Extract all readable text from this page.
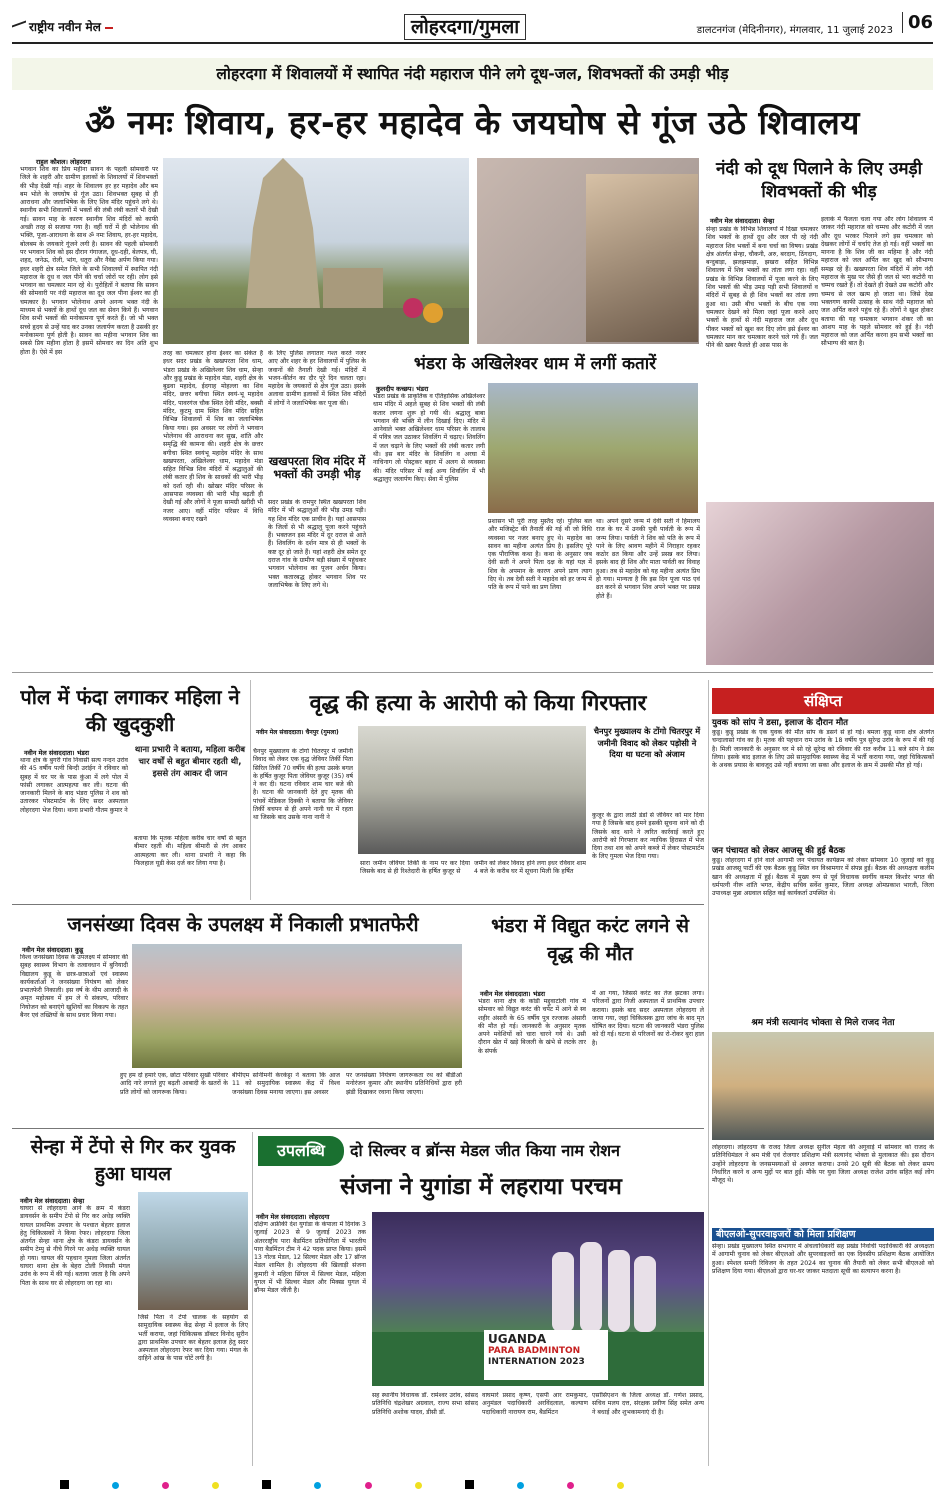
राष्ट्रीय नवीन मेल	लोहरदगा/गुमला	डालटनगंज (मेदिनीनगर), मंगलवार, 11 जुलाई 2023 06
लोहरदगा में शिवालयों में स्थापित नंदी महाराज पीने लगे दूध-जल, शिवभक्तों की उमड़ी भीड़
ॐ नमः शिवाय, हर-हर महादेव के जयघोष से गूंज उठे शिवालय
राहुल कौशल। लोहरदगा
भगवान शिव का प्रिय महीना सावन के पहली सोमवारी पर जिले के शहरी और ग्रामीण इलाकों के शिवालयों में शिवभक्तों की भीड़ देखी गई। शहर के शिवालय हर हर महादेव और बम बम भोले के जयघोष से गूंज उठा। शिवभक्त सुबह से ही आराधना और जलाभिषेक के लिए शिव मंदिर पहुंचने लगे थे। स्थानीय सभी शिवालयों में भक्तों की लंबी लंबी कतारें भी देखी गई। सावन माह के कारण स्थानीय शिव मंदिरों को काफी अच्छी तरह से सजाया गया है। वहीं घरों में ही भोलेनाथ की भक्ति, पूजा-आराधना के साथ ॐ नमः शिवाय, हर-हर महादेव, बोलबम के जयकारे गूंजने लगी है। सावन की पहली सोमवारी पर भगवान शिव को इस दौरान गंगाजल, दूध-दही, बेलपत्र, घी, शहद, जनेऊ, रोली, भांग, धतूरा और नैवेद्य अर्पण किया गया। इधर शहरी क्षेत्र समेत जिले के सभी शिवालयों में स्थापित नंदी महाराज के दूध व जल पीने की चर्चा जोरों पर रही। लोग इसे भगवान का चमत्कार मान रहे थे। पुरोहितों ने बताया कि सावन की सोमवारी पर नंदी महाराज का दूध जल पीना ईश्वर का ही चमत्कार है। भगवान भोलेनाथ अपने अनन्य भक्त नंदी के माध्यम से भक्तों के हाथों दूध जल का सेवन किये हैं। भगवान शिव सभी भक्तों की मनोकामना पूर्ण करते हैं। जो भी भक्त सच्चे हृदय से उन्हें याद कर उनका जलार्पण करता है उसकी हर मनोकामना पूर्ण होती है। सावन का महीना भगवान शिव का सबसे प्रिय महीना होता है इसमें सोमवार का दिन अति शुभ होता है। ऐसे में इस	तरह का चमत्कार होना ईश्वर का संकेत है इधर सदर प्रखंड के खखपरता शिव धाम, भंडरा प्रखंड के अखिलेश्वर शिव धाम, सेन्हा और कुडू प्रखंड के महादेव मंडा, शहरी क्षेत्र के बुढवा महादेव, ईदगाह मोहल्ला का शिव मंदिर, छत्तर बगीचा स्थित स्वयं-भू महादेव मंदिर, पावरगंज चौक स्थित देवी मंदिर, बक्सी मंदिर, कुटमु ग्राम स्थित शिव मंदिर सहित विभिन्न शिवालयों में शिव का जलाभिषेक किया गया। इस अवसर पर लोगों ने भगवान भोलेनाथ की आराधना कर सुख, शांति और समृद्धि की कामना की। शहरी क्षेत्र के छत्तर बगीचा स्थित स्वयंभू महादेव मंदिर के साथ खखपरता, अखिलेश्वर धाम, महादेव मंडा सहित विभिन्न शिव मंदिरों में श्रद्धालुओं की लंबी कतार ही शिव के साधकों की भारी भीड़ को दर्शा रही थी। खोखर मंदिर परिसर के आसपास व्यवस्था की भारी भीड़ बढ़ती ही देखी गई और लोगों ने पूजा सामग्री खरीदी भी नजर आए। वहीं मंदिर परिसर में विधि व्यवस्था बनाए रखने
के लिए पुलिस लगातार गश्त करते नजर आए और शहर के हर शिवालयों में पुलिस के जवानों की तैनाती देखी गई। मंदिरों में भजन-कीर्तन का दौर पूरे दिन चलता रहा। महादेव के जयकारों से क्षेत्र गूंज उठा। इसके अलावा ग्रामीण इलाकों में स्थित शिव मंदिरों में लोगों ने जलाभिषेक कर पूजा की।
खखपरता शिव मंदिर में भक्तों की उमड़ी भीड़
सदर प्रखंड के रामपुर स्थित खखपरता शिव मंदिर में भी श्रद्धालुओं की भीड़ उमड़ पड़ी। यह शिव मंदिर एक प्राचीन है। यहां आसपास के जिलों से भी श्रद्धालु पूजा करने पहुंचते हैं। भक्तजन इस मंदिर में दूर दराज से आते हैं। शिवलिंग के दर्शन मात्र से ही भक्तों के कष्ट दूर हो जाते हैं। यहां शहरी क्षेत्र समेत दूर दराज गांव के ग्रामीण बड़ी संख्या में पहुंचकर भगवान भोलेनाथ का पूजन अर्चन किया। भक्त कतारबद्ध होकर भगवान शिव पर जलाभिषेक के लिए लगे थे।
भंडरा के अखिलेश्वर धाम में लगीं कतारें
कुलदीप कच्छप। भंडरा
भंडरा प्रखंड के प्राकृतिक व ऐतिहासिक अखिलेश्वर धाम मंदिर में अहले सुबह से शिव भक्तों की लंबी कतार लगना शुरू हो गयी थी। श्रद्धालु बाबा भगवान की भक्ति में लीन दिखाई दिए। मंदिर में आनेवाले भक्त अखिलेश्वर धाम परिसर के तालाब में पवित्र जल उठाकर शिवलिंग में चढ़ाए। शिवलिंग में जल चढ़ाने के लिए भक्तों की लंबी कतार लगी थी। इस बार मंदिर के शिवलिंग व अरघा में नाचिनाग लो पोस्ट्रकर बहार में अलग से व्यवस्था की। मंदिर परिसर में कई अन्य शिवलिंग में भी श्रद्धालुए जलार्पण किए। सेवा में पुलिस
प्रशासन भी पूरी तरह मुस्तैद रहे। पुलिस बल और मजिस्ट्रेट की तैनाती की गई थी जो विधि व्यवस्था पर नजर बनाए हुए थे। महादेव का सावन का महीना अत्यंत प्रिय है। इसलिए पूरे एक पौराणिक कथा है। कथा के अनुसार जब देवी सती ने अपने पिता दक्ष के यहां यज्ञ में शिव के अपमान के कारण अपने प्राण त्याग दिए थे। तब देवी सती ने महादेव को हर जन्म में पति के रूप में पाने का प्रण लिया
था। अपने दूसरे जन्म में देवी सती ने हिमालय राज के घर में उनकी पुत्री पार्वती के रूप में जन्म लिया। पार्वती ने शिव को पति के रूप में पाने के लिए श्रावण महीने में निराहार रहकर कठोर व्रत किया और उन्हें प्रसन्न कर लिया। इसके बाद ही शिव और माता पार्वती का विवाह हुआ। तब से महादेव को यह महीना अत्यंत प्रिय हो गया। मान्यता है कि इस दिन पूजा पाठ एवं व्रत करने से भगवान शिव अपने भक्त पर प्रसन्न होते हैं।
नंदी को दूध पिलाने के लिए उमड़ी शिवभक्तों की भीड़
नवीन मेल संवाददाता। सेन्हा
सेन्हा प्रखंड के विभिन्न शिवालयों में दिखा चमत्कार शिव भक्तों के हाथों दूध और जल पी रहे नंदी महाराज शिव भक्तों में बना चर्चा का विषय। प्रखंड क्षेत्र अंतर्गत सेन्हा, चौकनी, अरु, बरदाग, ठिंगदाग, बन्दुबाड़ा, झलझमाड़ा, झखरा सहित विभिन्न शिवालय में शिव भक्तों का तांता लगा रहा। वहीं प्रखंड के विभिन्न शिवालयों में पूजा करने के लिए शिव भक्तों की भीड़ उमड़ पड़ी सभी शिवालयों व मंदिरों में सुबह से ही शिव भक्तों का तांता लगा हुआ था। उसी बीच भक्तों के बीच एक नया चमत्कार देखने को मिला जहां पूजा करने आए भक्तों के हाथों से नंदी महाराज जल और दूध पीकर भक्तों को खुश कर दिए लोग इसे ईश्वर का चमत्कार मान कर चमत्कार करने चले गये हैं। जल पीने की खबर फैलते ही आस पास के
इलाके में फैलता चला गया और लोग शिवालय में जाकर नंदी महाराज को चम्मच और कटोरी में जल और दूध भरकर पिलाने लगे इस चमत्कार को देखकर लोगों में चर्चाएं तेज हो गई। वहीं भक्तों का मानना है कि शिव जी का महिमा है और नंदी महाराज को जल अर्पित कर खुद को सौभाग्य समझ रहे हैं। खखपरता शिव मंदिरों में लोग नंदी महाराज के मुख पर जैसे ही जल से भरा कटोरी या चम्मच रखते हैं। तो देखते ही देखते उस कटोरी और चम्मच से जल खत्म हो जाता था। जिसे देख भक्तगण काफी उत्साह के साथ नंदी महाराज को जल अर्पित करने पहुंच रहे हैं। लोगों ने खुश होकर बताया की यह चमत्कार भगवान शंकर जी का आशय माह के पहले सोमवार को हुई है। नंदी महाराज को जल अर्पित करना हम सभी भक्तों का सौभाग्य की बात है।
पोल में फंदा लगाकर महिला ने की खुदकुशी
नवीन मेल संवाददाता। भंडरा
थाना क्षेत्र के बुगरी गांव निवासी सत्य नन्दन उरांव की 45 वर्षीय पत्नी बिन्दी उरांईन ने रविवार को सुबह में घर पर के पास कुंआ में लगे पोल में फांसी लगाकर आत्महत्या कर ली। घटना की जानकारी मिलने के बाद भंडरा पुलिस ने शव को उतारकर पोस्टमार्टम के लिए सदर अस्पताल लोहरदगा भेज दिया। थाना प्रभारी गौतम कुमार ने
थाना प्रभारी ने बताया, महिला करीब चार वर्षों से बहुत बीमार रहती थी, इससे तंग आकर दी जान
बताया कि मृतक महिला करीब चार वर्षों से बहुत बीमार रहती थी। महिला बीमारी से तंग आकर आत्महत्या कर ली। थाना प्रभारी ने कहा कि फिलहाल यूडी केस दर्ज कर लिया गया है।
वृद्ध की हत्या के आरोपी को किया गिरफ्तार
नवीन मेल संवाददाता। चैनपुर (गुमला)
चैनपुर मुख्यालय के टोंगो चितरपुर में जमीनी विवाद को लेकर एक वृद्ध जेवियर तिर्की पिता सिरिल तिर्की 70 वर्षीय की हत्या उसके बगल के हर्षित कुजूर पिता जेवियर कुजूर (35) वर्ष ने कर दी। घटना रविवार शाम चार बजे की है। घटना की जानकारी देते हुए मृतक की पांचवें मेडिकल दिक्की ने बताया कि जेवियर तिर्की बचपन से ही अपने नानी घर में रहता था जिसके बाद उसके नाना नानी ने
सारा जमीन जेवियर तिर्की के नाम पर कर दिया जिसके बाद से ही रिश्तेदारी के हर्षित कुजूर से
जमीन को लेकर विवाद होने लगा इधर रविवार शाम 4 बजे के करीब घर में सूचना मिली कि हर्षित
चैनपुर मुख्यालय के टोंगो चितरपुर में जमीनी विवाद को लेकर पड़ोसी ने दिया था घटना को अंजाम
कुजूर के द्वारा लाठी डंडों से जेवियर को मार दिया गया है जिसके बाद हमने इसकी सूचना थाने को दी जिसके बाद थाने ने त्वरित कार्रवाई करते हुए आरोपी को गिरफ्तार कर न्यायिक हिरासत में भेज दिया तथा शव को अपने कब्जे में लेकर पोस्टमार्टम के लिए गुमला भेज दिया गया।
संक्षिप्त
युवक को सांप ने डसा, इलाज के दौरान मौत
कुडू। कुडू प्रखंड के एक युवक की मौत सांप के डसने से हो गई। बमला कुडू थाना क्षेत्र अंतर्गत चन्दालासो गांव का है। मृतक की पहचान राम उरांव के 18 वर्षीय पुत्र सुरेन्द्र उरांव के रूप में की गई है। मिली जानकारी के अनुसार घर मे सो रहे सुरेन्द्र को रविवार की रात करीब 11 बजे सांप ने डंस लिया। इसके बाद इलाज के लिए उसे सामुदायिक स्वास्थ्य केंद्र में भर्ती कराया गया, जहां चिकित्सकों के अथक प्रयास के बावजूद उसे नहीं बचाया जा सका और इलाज के क्रम में उसकी मौत हो गई।
जन पंचायत को लेकर आजसू की हुई बैठक
कुडू। लोहरदगा में होने वाले आगामी जन पंचायत कार्यक्रम को लेकर सोमवार 10 जुलाई को कुडू प्रखंड आजसू पार्टी की एक बैठक कुडू स्थित वन विश्रामगार में संपन्न हुई। बैठक की अध्यक्षता कलीम खान की अध्यक्षता में हुई। बैठक में मुख्य रूप से पूर्व विधायक स्वर्गीय कमल किशोर भगत की धर्मपत्नी नीरू शांति भगत, केंद्रीय सचिव सर्वेश कुमार, जिला अध्यक्ष ओमप्रकाश भारती, जिला उपाध्यक्ष मुन्ना अग्रवाल सहित कई कार्यकर्ता उपस्थित थे।
श्रम मंत्री सत्यानंद भोक्ता से मिले राजद नेता
लोहरदगा। लोहरदगा के राजद जिला अध्यक्ष सुनील मेहता की अगुवाई में सोमवार को राजद के प्रतिनिधिमंडल ने श्रम मंत्री एवं रोजगार प्रशिक्षण मंत्री सत्यानंद भोक्ता से मुलाकात की। इस दौरान उन्होंने लोहरदगा के जनसमस्याओं से अवगत कराया। उनसे 20 सूत्री की बैठक को लेकर समय निर्धारित करने व अन्य मुद्दों पर बात हुई। मौके पर युवा जिला अध्यक्ष राजेश उरांव सहित कई लोग मौजूद थे।
बीएलओ-सुपरवाइजरों को मिला प्रशिक्षण
सेन्हा। प्रखंड मुख्यालय स्थित सभागार में अंचलाधिकारी सह प्रखंड निर्वाची पदाधिकारी की अध्यक्षता में आगामी चुनाव को लेकर बीएलओ और सुपरवाइजरों का एक दिवसीय प्रशिक्षण बैठक आयोजित हुआ। स्पेशल समरी रिविजन के तहत 2024 का चुनाव की तैयारी को लेकर सभी बीएलओ को प्रशिक्षण दिया गया। बीएलओ द्वारा घर-घर जाकर मतदाता सूची का सत्यापन करना है।
जनसंख्या दिवस के उपलक्ष्य में निकाली प्रभातफेरी
नवीन मेल संवाददाता। कुडू
विश्व जनसंख्या दिवस के उपलक्ष्य में सोमवार की सुबह स्वास्थ्य विभाग के तत्वावधान में बुनियादी विद्यालय कुडू के छात्र-छात्राओं एवं स्वास्थ्य कार्यकर्ताओं ने जनसंख्या नियंत्रण को लेकर प्रभातफेरी निकाली। इस वर्ष के थीम आजादी के अमृत महोत्सव में हम ले ये संकल्प, परिवार नियोजन को बनाएंगे खुशियों का विकल्प के तहत बैनर एवं तख्तियों के साथ प्रचार किया गया।
हुए हम दो हमारे एक, छोटा परिवार सुखी परिवार आदि नारे लगाते हुए बढ़ती आबादी के खतरों के प्रति लोगों को जागरूक किया।
बीपीएम सोनीमनी केरकेट्टा ने बताया कि आज 11 को समुदायिक स्वास्थ्य केंद्र में विश्व जनसंख्या दिवस मनाया जाएगा। इस अवसर
पर जनसंख्या नियंत्रण जागरूकता रथ को बीडीओ मनोरंजन कुमार और स्थानीय प्रतिनिधियों द्वारा हरी झंडी दिखाकर रवाना किया जाएगा।
भंडरा में विद्युत करंट लगने से वृद्ध की मौत
नवीन मेल संवाददाता। भंडरा
भंडरा थाना क्षेत्र के कांडी मद्दुवाटोली गांव में सोमवार को विद्युत करंट की चपेट में आने से स्व शहीर अंसारी के 65 वर्षीय पुत्र रज्जाक अंसारी की मौत हो गई। जानकारी के अनुसार मृतक अपने मवेशियों को चारा चारने गये थे। उसी दौरान खेत में खड़े बिजली के खंभे से लटके तार के संपर्क
में आ गया, जिससे करंट का तेज झटका लगा। परिजनों द्वारा निजी अस्पताल में प्राथमिक उपचार कराया। इसके बाद सदर अस्पताल लोहरदगा ले जाया गया, जहां चिकित्सक द्वारा जांच के बाद मृत घोषित कर दिया। घटना की जानकारी भंडरा पुलिस को दी गई। घटना से परिजनों का रो-रोकर बुरा हाल है।
सेन्हा में टेंपो से गिर कर युवक हुआ घायल
नवीन मेल संवाददाता। सेन्हा
घाघरा से लोहरदगा आने के क्रम में कंडरा डायवर्सन के समीप टेंपो से गिर कर अधेड़ व्यक्ति घायल प्राथमिक उपचार के पश्चात बेहतर इलाज हेतु चिकित्सकों ने किया रेफर। लोहरदगा जिला अंतर्गत सेन्हा थाना क्षेत्र के कंडरा डायवर्सन के समीप टेम्पु से नीचे गिरने पर अधेड़ व्यक्ति घायल हो गया। घायल की पहचान गुमला जिला अंतर्गत घाघरा थाना क्षेत्र के बेहरा टोली निवासी मंगल उरांव के रूप में की गई। बताया जाता है कि अपने पिता के साथ घर से लोहरदगा जा रहा था।
जिसे पिता ने टेंपो चालक के सहयोग से सामुदायिक स्वास्थ्य केंद्र सेन्हा में इलाज के लिए भर्ती कराया, जहां चिकित्सक डॉक्टर विनोद सुरीन द्वारा प्राथमिक उपचार कर बेहतर इलाज हेतु सदर अस्पताल लोहरदगा रेफर कर दिया गया। मंगल के दाहिने आंख के पास चोटें लगी है।
उपलब्धि	दो सिल्वर व ब्रॉन्स मेडल जीत किया नाम रोशन
संजना ने युगांडा में लहराया परचम
नवीन मेल संवाददाता। लोहरदगा
दक्षिण अफ्रीकी देश युगांडा के कंपाला में दिनांक 3 जुलाई 2023 से 9 जुलाई 2023 तक अंतरराष्ट्रीय पारा बैडमिंटन प्रतियोगिता में भारतीय पारा बैडमिंटन टीम ने 42 पदक प्राप्त किया। इसमें 13 गोल्ड मेडल, 12 सिल्वर मेडल और 17 ब्रॉन्ज मेडल शामिल है। लोहरदगा की खिलाड़ी संजना कुमारी ने महिला सिंगल में सिल्वर मेडल, महिला युगल में भी सिल्वर मेडल और मिक्स्ड युगल में ब्रॉन्स मेडल जीती है।
UGANDA
PARA BADMINTON
INTERNATION 2023
सह स्थानीय विधायक डॉ. रामेश्वर उरांव, सांसद प्रतिनिधि चंद्रशेखर अग्रवाल, राज्य सभा सांसद प्रतिनिधि अशोक यादव, डीसी डॉ.
वाघमारे प्रसाद कृष्ण, एसपी आर रामकुमार, अनुमंडल पदाधिकारी अरविंदलाल, कल्याण पदाधिकारी नारायण राम, बैडमिंटन
एसोसिएशन के जिला अध्यक्ष डॉ. गणेश प्रसाद, सचिव मलय दत्त, संरक्षक प्रवीण सिंह समेत अन्य ने बधाई और शुभकामनाएं दी है।
